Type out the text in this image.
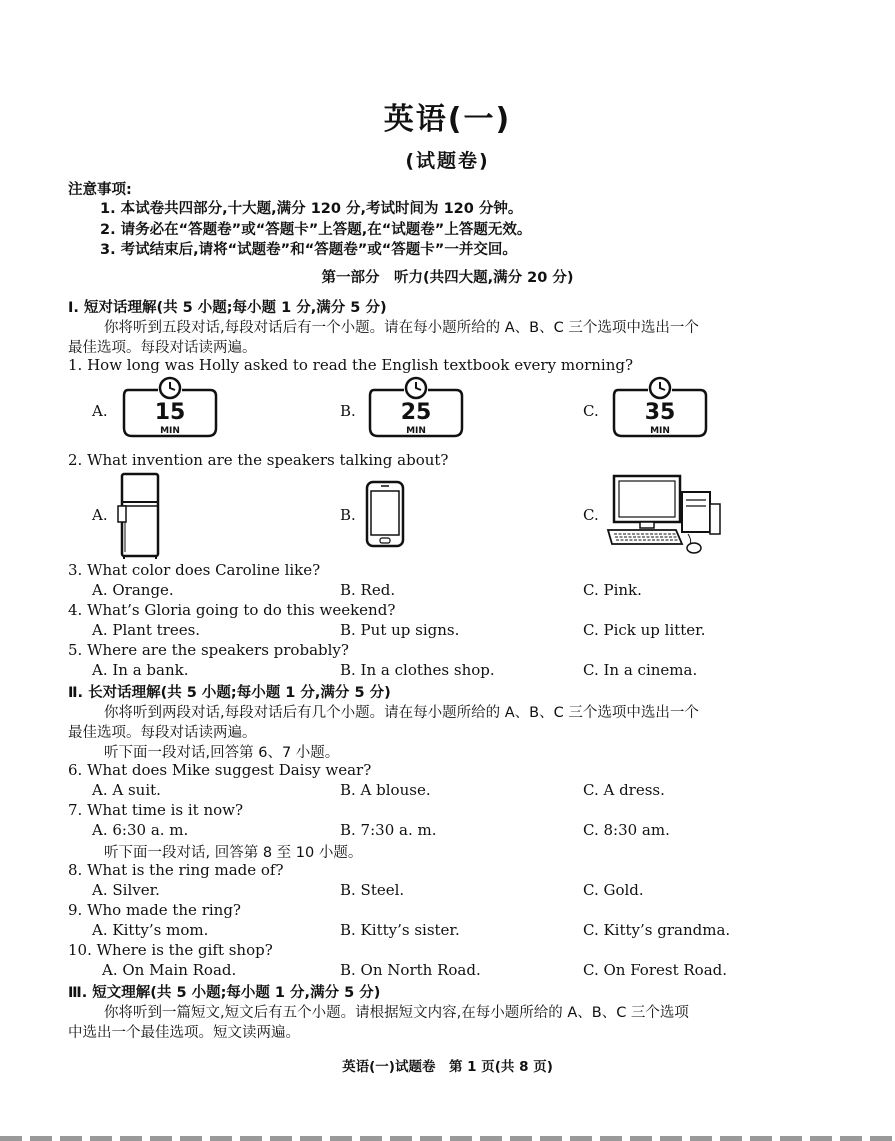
英语(一)
(试题卷)
注意事项:
1. 本试卷共四部分,十大题,满分 120 分,考试时间为 120 分钟。
2. 请务必在“答题卷”或“答题卡”上答题,在“试题卷”上答题无效。
3. 考试结束后,请将“试题卷”和“答题卷”或“答题卡”一并交回。
第一部分　听力(共四大题,满分 20 分)
Ⅰ. 短对话理解(共 5 小题;每小题 1 分,满分 5 分)
你将听到五段对话,每段对话后有一个小题。请在每小题所给的 A、B、C 三个选项中选出一个
最佳选项。每段对话读两遍。
1. How long was Holly asked to read the English textbook every morning?
A.	B.	C.
15
MIN
25
MIN
35
MIN
2. What invention are the speakers talking about?
A.	B.	C.
3. What color does Caroline like?
A. Orange.	B. Red.	C. Pink.
4. What’s Gloria going to do this weekend?
A. Plant trees.	B. Put up signs.	C. Pick up litter.
5. Where are the speakers probably?
A. In a bank.	B. In a clothes shop.	C. In a cinema.
Ⅱ. 长对话理解(共 5 小题;每小题 1 分,满分 5 分)
你将听到两段对话,每段对话后有几个小题。请在每小题所给的 A、B、C 三个选项中选出一个
最佳选项。每段对话读两遍。
听下面一段对话,回答第 6、7 小题。
6. What does Mike suggest Daisy wear?
A. A suit.	B. A blouse.	C. A dress.
7. What time is it now?
A. 6:30 a. m.	B. 7:30 a. m.	C. 8:30 am.
听下面一段对话, 回答第 8 至 10 小题。
8. What is the ring made of?
A. Silver.	B. Steel.	C. Gold.
9. Who made the ring?
A. Kitty’s mom.	B. Kitty’s sister.	C. Kitty’s grandma.
10. Where is the gift shop?
A. On Main Road.	B. On North Road.	C. On Forest Road.
Ⅲ. 短文理解(共 5 小题;每小题 1 分,满分 5 分)
你将听到一篇短文,短文后有五个小题。请根据短文内容,在每小题所给的 A、B、C 三个选项
中选出一个最佳选项。短文读两遍。
英语(一)试题卷　第 1 页(共 8 页)
